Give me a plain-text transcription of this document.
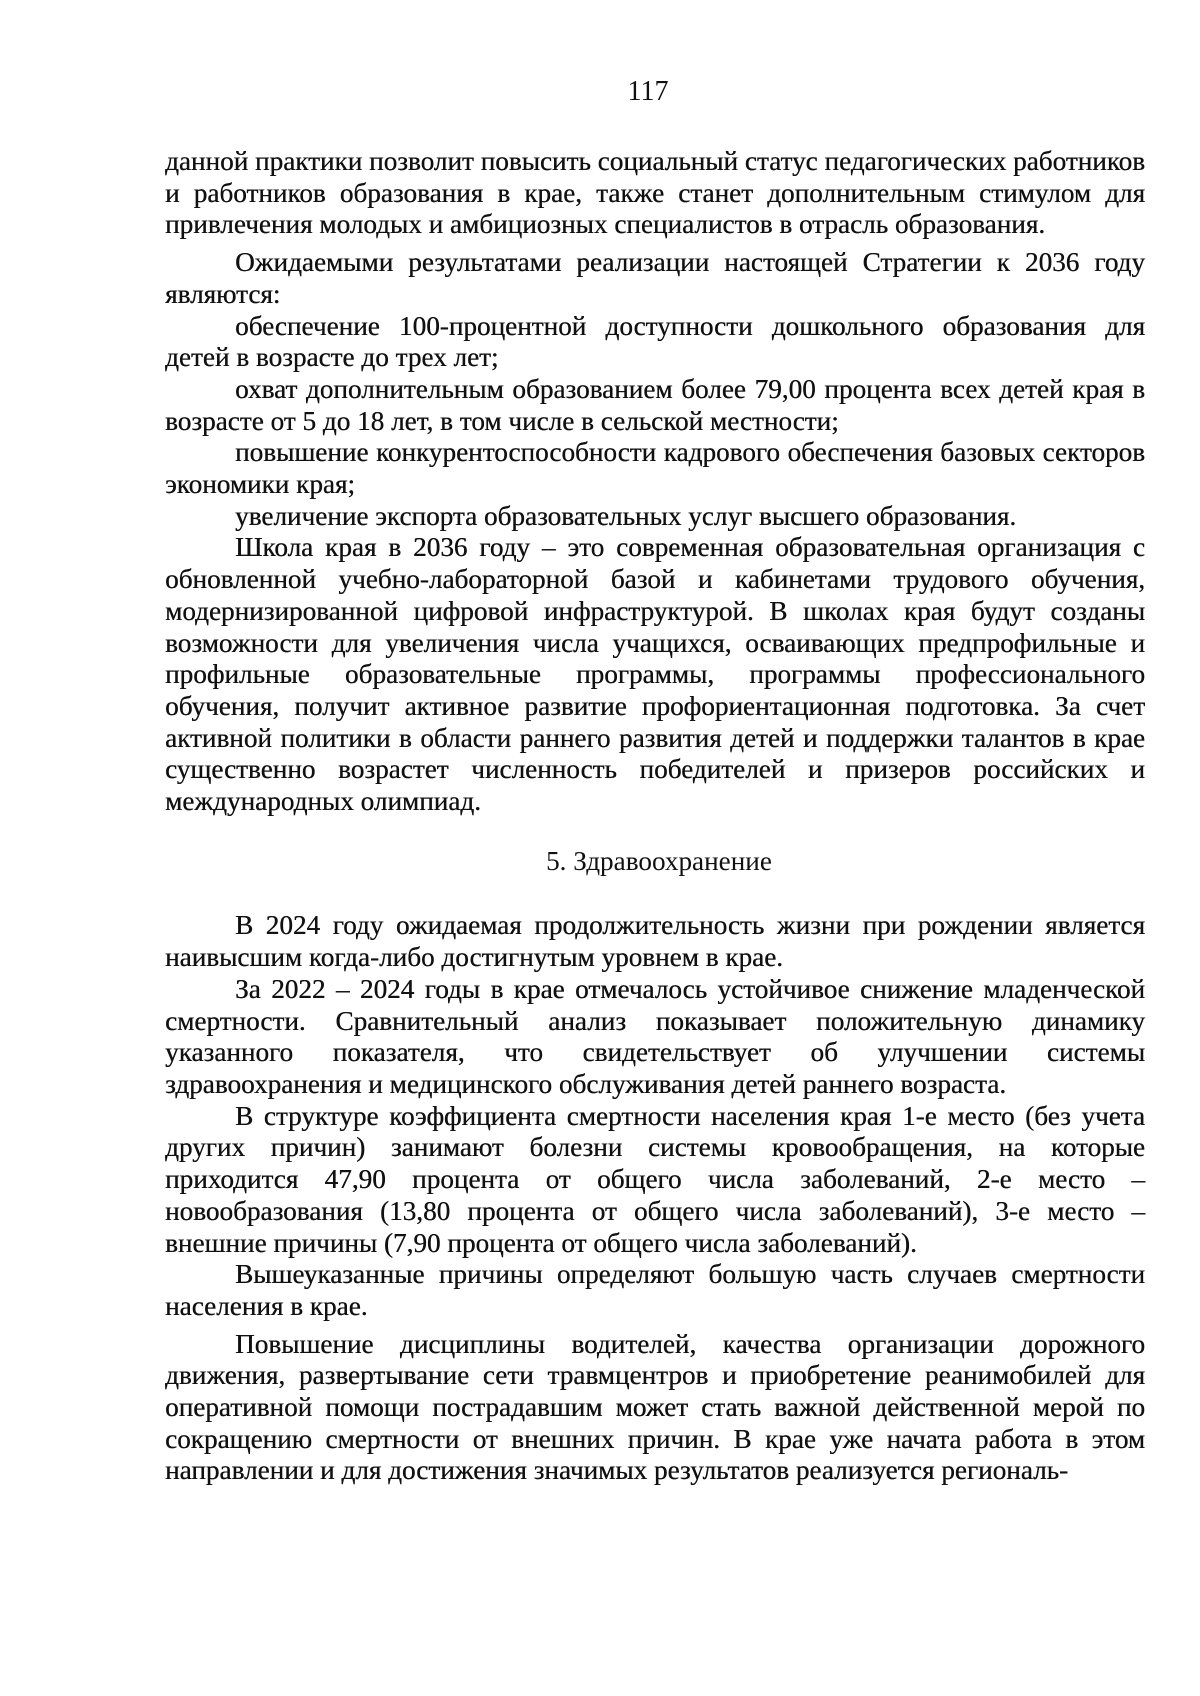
117

данной практики позволит повысить социальный статус педагогических работников и работников образования в крае, также станет дополнительным стимулом для привлечения молодых и амбициозных специалистов в отрасль образования.

Ожидаемыми результатами реализации настоящей Стратегии к 2036 году являются:

обеспечение 100-процентной доступности дошкольного образования для детей в возрасте до трех лет;

охват дополнительным образованием более 79,00 процента всех детей края в возрасте от 5 до 18 лет, в том числе в сельской местности;

повышение конкурентоспособности кадрового обеспечения базовых секторов экономики края;

увеличение экспорта образовательных услуг высшего образования.

Школа края в 2036 году – это современная образовательная организация с обновленной учебно-лабораторной базой и кабинетами трудового обучения, модернизированной цифровой инфраструктурой. В школах края будут созданы возможности для увеличения числа учащихся, осваивающих предпрофильные и профильные образовательные программы, программы профессионального обучения, получит активное развитие профориентационная подготовка. За счет активной политики в области раннего развития детей и поддержки талантов в крае существенно возрастет численность победителей и призеров российских и международных олимпиад.

5. Здравоохранение

В 2024 году ожидаемая продолжительность жизни при рождении является наивысшим когда-либо достигнутым уровнем в крае.

За 2022 – 2024 годы в крае отмечалось устойчивое снижение младенческой смертности. Сравнительный анализ показывает положительную динамику указанного показателя, что свидетельствует об улучшении системы здравоохранения и медицинского обслуживания детей раннего возраста.

В структуре коэффициента смертности населения края 1-е место (без учета других причин) занимают болезни системы кровообращения, на которые приходится 47,90 процента от общего числа заболеваний, 2-е место – новообразования (13,80 процента от общего числа заболеваний), 3-е место – внешние причины (7,90 процента от общего числа заболеваний).

Вышеуказанные причины определяют большую часть случаев смертности населения в крае.

Повышение дисциплины водителей, качества организации дорожного движения, развертывание сети травмцентров и приобретение реанимобилей для оперативной помощи пострадавшим может стать важной действенной мерой по сокращению смертности от внешних причин. В крае уже начата работа в этом направлении и для достижения значимых результатов реализуется региональ-
